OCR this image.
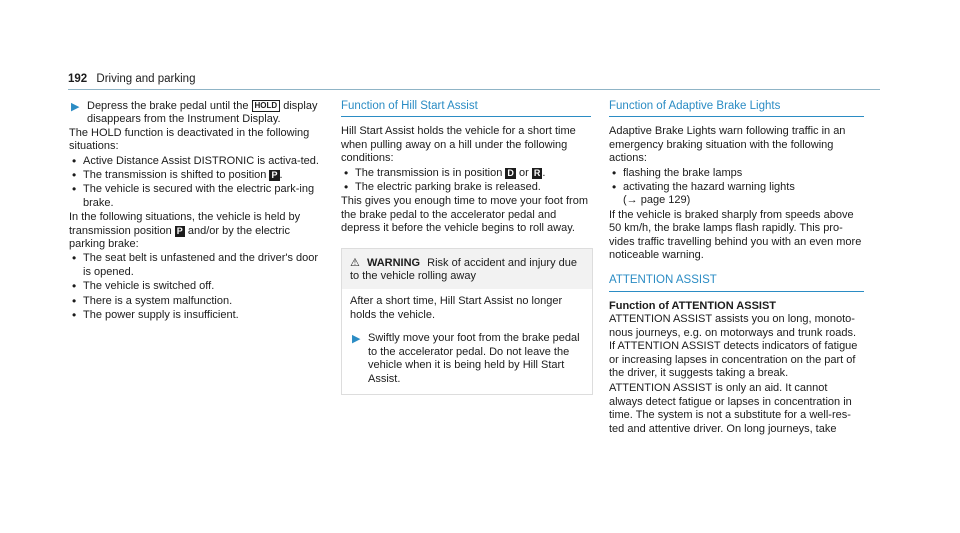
192 Driving and parking
▶ Depress the brake pedal until the HOLD display disappears from the Instrument Display.

The HOLD function is deactivated in the following situations:

• Active Distance Assist DISTRONIC is activa-ted.
• The transmission is shifted to position P .
• The vehicle is secured with the electric park-ing brake.

In the following situations, the vehicle is held by transmission position P and/or by the electric parking brake:

• The seat belt is unfastened and the driver's door is opened.
• The vehicle is switched off.
• There is a system malfunction.
• The power supply is insufficient.
Function of Hill Start Assist

Hill Start Assist holds the vehicle for a short time when pulling away on a hill under the following conditions:

• The transmission is in position D or R .
• The electric parking brake is released.

This gives you enough time to move your foot from the brake pedal to the accelerator pedal and depress it before the vehicle begins to roll away.

⚠ WARNING Risk of accident and injury due to the vehicle rolling away

After a short time, Hill Start Assist no longer holds the vehicle.

▶ Swiftly move your foot from the brake pedal to the accelerator pedal. Do not leave the vehicle when it is being held by Hill Start Assist.
Function of Adaptive Brake Lights

Adaptive Brake Lights warn following traffic in an emergency braking situation with the following actions:

• flashing the brake lamps
• activating the hazard warning lights
(→ page 129)

If the vehicle is braked sharply from speeds above 50 km/h, the brake lamps flash rapidly. This pro-vides traffic travelling behind you with an even more noticeable warning.

ATTENTION ASSIST

Function of ATTENTION ASSIST

ATTENTION ASSIST assists you on long, monoto-nous journeys, e.g. on motorways and trunk roads. If ATTENTION ASSIST detects indicators of fatigue or increasing lapses in concentration on the part of the driver, it suggests taking a break.

ATTENTION ASSIST is only an aid. It cannot always detect fatigue or lapses in concentration in time. The system is not a substitute for a well-res-ted and attentive driver. On long journeys, take
